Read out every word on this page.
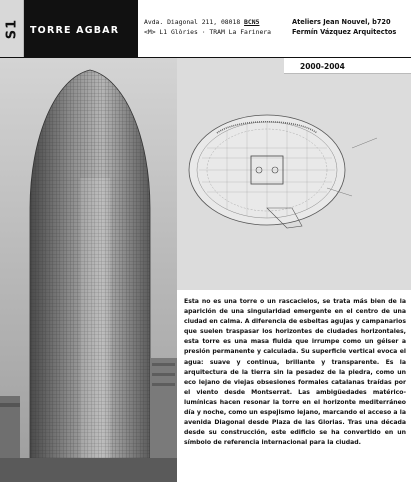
S1	TORRE AGBAR
Avda. Diagonal 211, 08018 BCN5
<M> L1 Glòries · TRAM La Farinera
Ateliers Jean Nouvel, b720
Fermín Vázquez Arquitectos
2000-2004
Esta no es una torre o un rascacielos, se trata más bien de la aparición de una singularidad emergente en el centro de una ciudad en calma. A diferencia de esbeltas agujas y campanarios que suelen traspasar los horizontes de ciudades horizontales, esta torre es una masa fluida que irrumpe como un géiser a presión permanente y calculada. Su superficie vertical evoca el agua: suave y continua, brillante y transparente. Es la arquitectura de la tierra sin la pesadez de la piedra, como un eco lejano de viejas obsesiones formales catalanas traídas por el viento desde Montserrat. Las ambigüedades matérico-lumínicas hacen resonar la torre en el horizonte mediterráneo día y noche, como un espejismo lejano, marcando el acceso a la avenida Diagonal desde Plaza de las Glorias. Tras una década desde su construcción, este edificio se ha convertido en un símbolo de referencia internacional para la ciudad.
